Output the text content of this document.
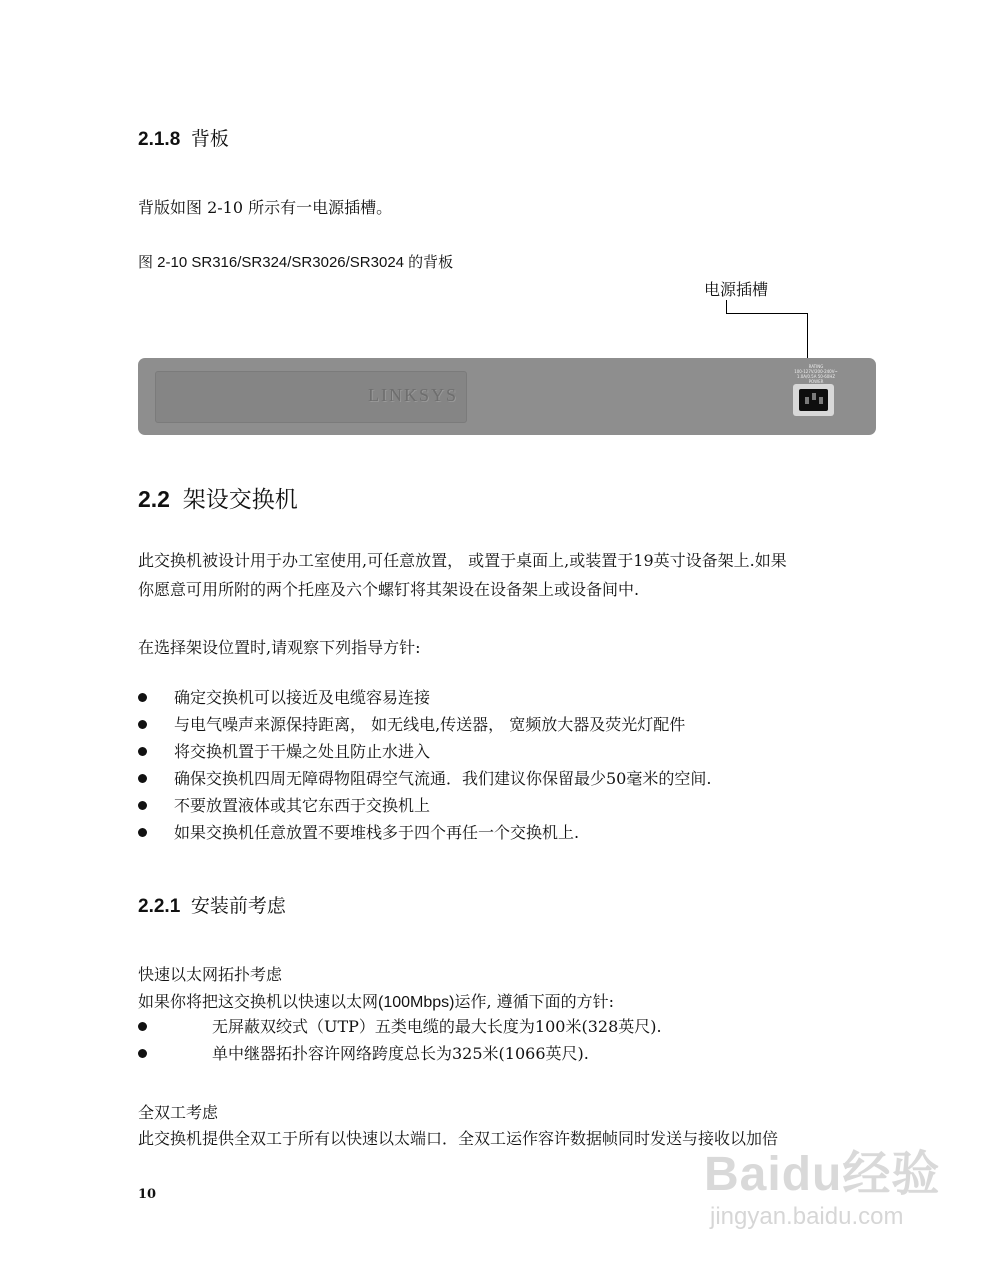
2.1.8 背板
背版如图 2-10 所示有一电源插槽。
图 2-10 SR316/SR324/SR3026/SR3024 的背板
电源插槽
LINKSYS
RATING
100-127V/200-240V~
1.0A/0.5A 50-60HZ
POWER
2.2 架设交换机
此交换机被设计用于办工室使用,可任意放置， 或置于桌面上,或装置于19英寸设备架上.如果
你愿意可用所附的两个托座及六个螺钉将其架设在设备架上或设备间中.
在选择架设位置时,请观察下列指导方针:
确定交换机可以接近及电缆容易连接
与电气噪声来源保持距离， 如无线电,传送器， 宽频放大器及荧光灯配件
将交换机置于干燥之处且防止水进入
确保交换机四周无障碍物阻碍空气流通．我们建议你保留最少50毫米的空间.
不要放置液体或其它东西于交换机上
如果交换机任意放置不要堆栈多于四个再任一个交换机上.
2.2.1 安装前考虑
快速以太网拓扑考虑
如果你将把这交换机以快速以太网(100Mbps)运作, 遵循下面的方针:
无屏蔽双绞式（UTP）五类电缆的最大长度为100米(328英尺).
单中继器拓扑容许网络跨度总长为325米(1066英尺).
全双工考虑
此交换机提供全双工于所有以快速以太端口．全双工运作容许数据帧同时发送与接收以加倍
10	Baidu经验
jingyan.baidu.com
